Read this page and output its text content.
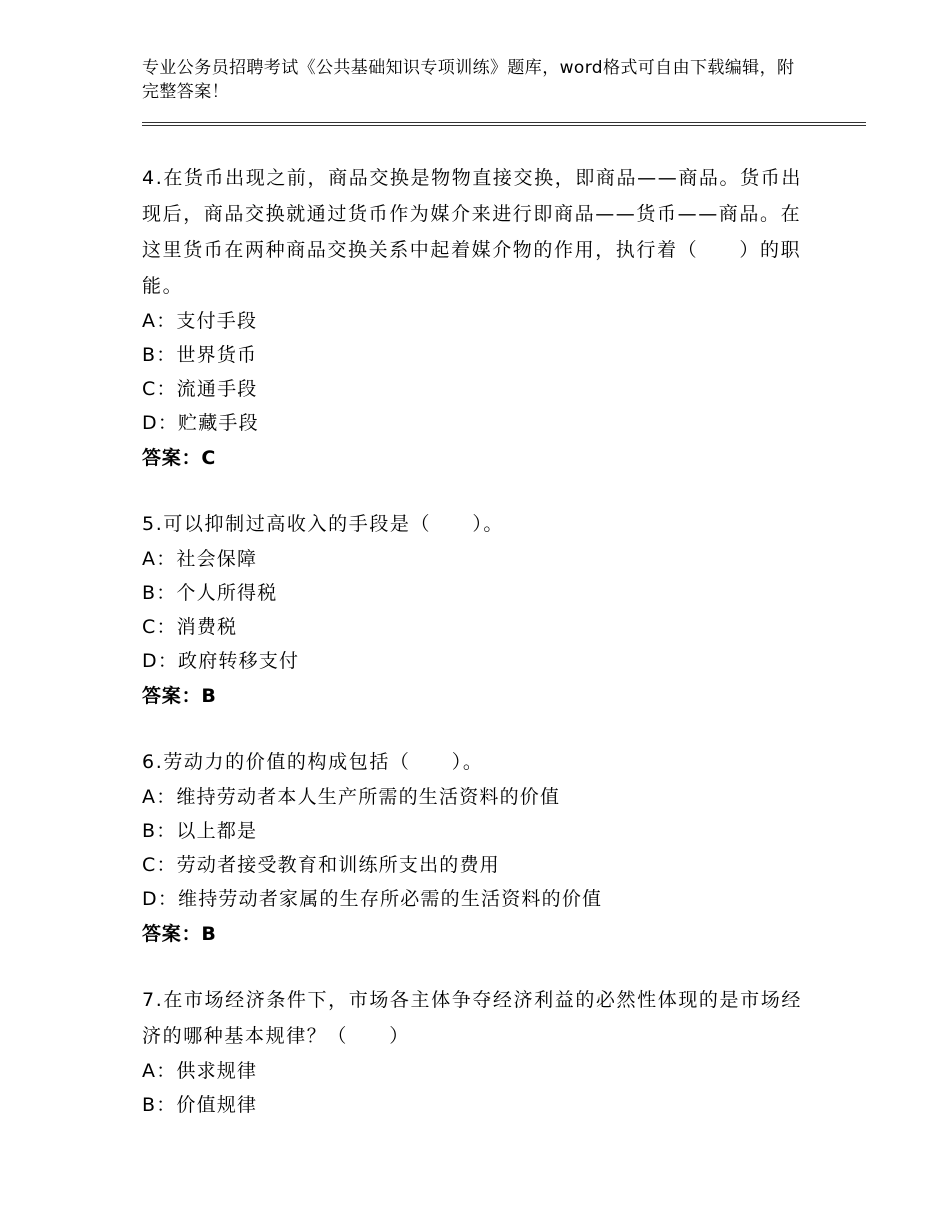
专业公务员招聘考试《公共基础知识专项训练》题库，word格式可自由下载编辑，附完整答案！

4.在货币出现之前，商品交换是物物直接交换，即商品——商品。货币出现后，商品交换就通过货币作为媒介来进行即商品——货币——商品。在这里货币在两种商品交换关系中起着媒介物的作用，执行着（　　）的职能。

A：支付手段

B：世界货币

C：流通手段

D：贮藏手段

答案：C

5.可以抑制过高收入的手段是（　　）。

A：社会保障

B：个人所得税

C：消费税

D：政府转移支付

答案：B

6.劳动力的价值的构成包括（　　）。

A：维持劳动者本人生产所需的生活资料的价值

B：以上都是

C：劳动者接受教育和训练所支出的费用

D：维持劳动者家属的生存所必需的生活资料的价值

答案：B

7.在市场经济条件下，市场各主体争夺经济利益的必然性体现的是市场经济的哪种基本规律？（　　）

A：供求规律

B：价值规律
